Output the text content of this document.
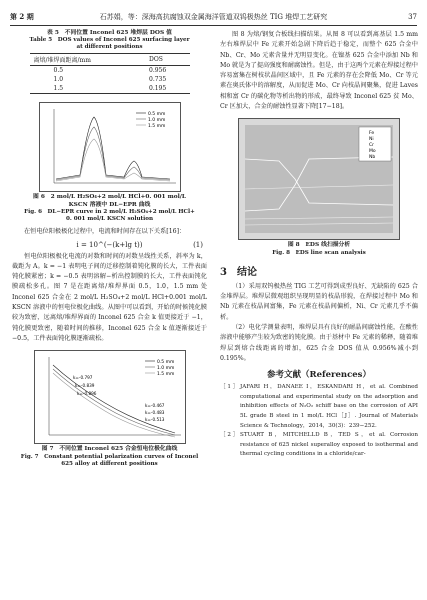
第 2 期	石苏娟，等：深海高抗腐蚀双金属海洋管道双钨极热丝 TIG 堆焊工艺研究	37
表 5　不同位置 Inconel 625 堆焊层 DOS 值
Table 5　DOS values of Inconel 625 surfacing layer
at different positions
离熔/堆焊面距离/mm	DOS
0.5	0.956
1.0	0.735
1.5	0.195
0.5 mm
1.0 mm
1.5 mm
图 6　2 mol/L H₂SO₄+2 mol/L HCl+0. 001 mol/L
KSCN 溶液中 DL−EPR 曲线
Fig. 6　DL−EPR curve in 2 mol/L H₂SO₄+2 mol/L HCl+
0. 001 mol/L KSCN solution

在恒电位阳极极化过程中，电流和时间存在以下关系[16]：

i = 10^(−(k+lg t))	(1)

恒电位阳极极化电流的对数和时间的对数呈线性关系，斜率为 k，截距为 A。k = −1 表明电子间的迁移控制着钝化膜的长大，工件表面钝化膜紧密；k = −0.5 表明溶解−析出控制膜的长大，工件表面钝化膜疏松多孔。图 7 是在距离熔/堆焊界面 0.5，1.0，1.5 mm 处 Inconel 625 合金在 2 mol/L H₂SO₄+2 mol/L HCl+0.001 mol/L KSCN 溶液中的恒电位极化曲线。从图中可以看到，开始的时候钝化膜较为致密，远离熔/堆焊界面的 Inconel 625 合金 k 值更接近于 −1，钝化膜更致密，随着时间的推移，Inconel 625 合金 k 值逐渐接近于 −0.5，工件表面钝化膜逐渐疏松。

0.5 mm
1.0 mm
1.5 mm
k=-0.797
k=-0.839
k=-0.896
k=-0.467
k=-0.483
k=-0.513
图 7　不同位置 Inconel 625 合金恒电位极化曲线
Fig. 7　Constant potential polarization curves of Inconel
625 alloy at different positions

图 8 为熔/钢复合板线扫描结果。从图 8 可以看到离基层 1.5 mm 左右堆焊层中 Fe 元素开始急剧下降后趋于稳定，而整个 625 合金中 Nb、Cr、Mo 元素含量并无明显变化。在镍基 625 合金中添加 Nb 和 Mo 就是为了提高强度和耐腐蚀性。但是，由于这两个元素在焊接过程中容易富集在树枝状晶间区域中，且 Fe 元素的存在会降低 Mo、Cr 等元素在奥氏体中的溶解度，从而促进 Mo、Cr 向枝晶间聚集，促进 Laves 相和富 Cr 的碳化物等析出物的形成，最终导致 Inconel 625 贫 Mo、Cr 区加大，合金的耐蚀性显著下降[17−18]。

Fe
Ni
Cr
Mo
Nb
图 8　EDS 线扫描分析
Fig. 8　EDS line scan analysis
3　结论

（1）采用双钨极热丝 TIG 工艺可得到成型良好、无缺陷的 625 合金堆焊层。堆焊层微观组织呈现明显的枝晶形貌，在焊接过程中 Mo 和 Nb 元素在枝晶间富集，Fe 元素在枝晶间偏析，Ni、Cr 元素几乎不偏析。

（2）电化学测量表明，堆焊层具有良好的耐晶间腐蚀性能，在酸性溶液中能够产生较为致密的钝化膜。由于基材中 Fe 元素的稀释，随着堆焊层到熔合线距离的增加，625 合金 DOS 值从 0.956%减小到 0.195%。

参考文献（References）
［ 1 ］ JAFARI H，DANAEE I，ESKANDARI H，et al. Combined computational and experimental study on the adsorption and inhibition effects of N₂O₂ schiff base on the corrosion of API 5L grade B steel in 1 mol/L HCl［J］. Journal of Materials Science & Technology，2014，30(3)：239−252.
［ 2 ］ STUART B，MITCHELLD B，TED S，et al. Corrosion resistance of 625 nickel superalloy exposed to isothermal and thermal cycling conditions in a chloride/car-
